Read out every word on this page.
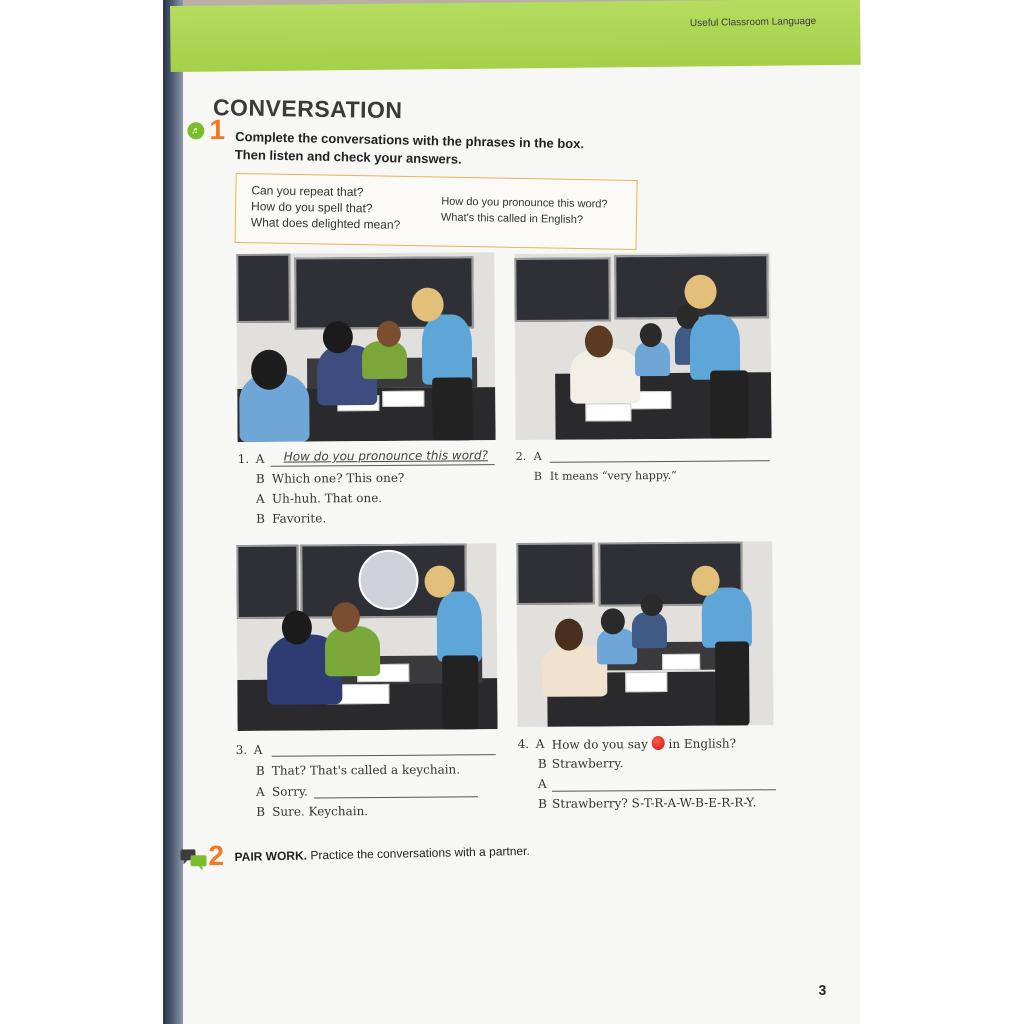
Useful Classroom Language
CONVERSATION
♬ 1 Complete the conversations with the phrases in the box.
Then listen and check your answers.
Can you repeat that?
How do you spell that?
What does delighted mean?
How do you pronounce this word?
What's this called in English?
1. A How do you pronounce this word?
B Which one? This one?
A Uh-huh. That one.
B Favorite.
2. A
B It means “very happy.”
3. A
B That? That's called a keychain.
A Sorry.
B Sure. Keychain.
4. A How do you say in English?
B Strawberry.
A
B Strawberry? S-T-R-A-W-B-E-R-R-Y.
2 PAIR WORK. Practice the conversations with a partner.
3
